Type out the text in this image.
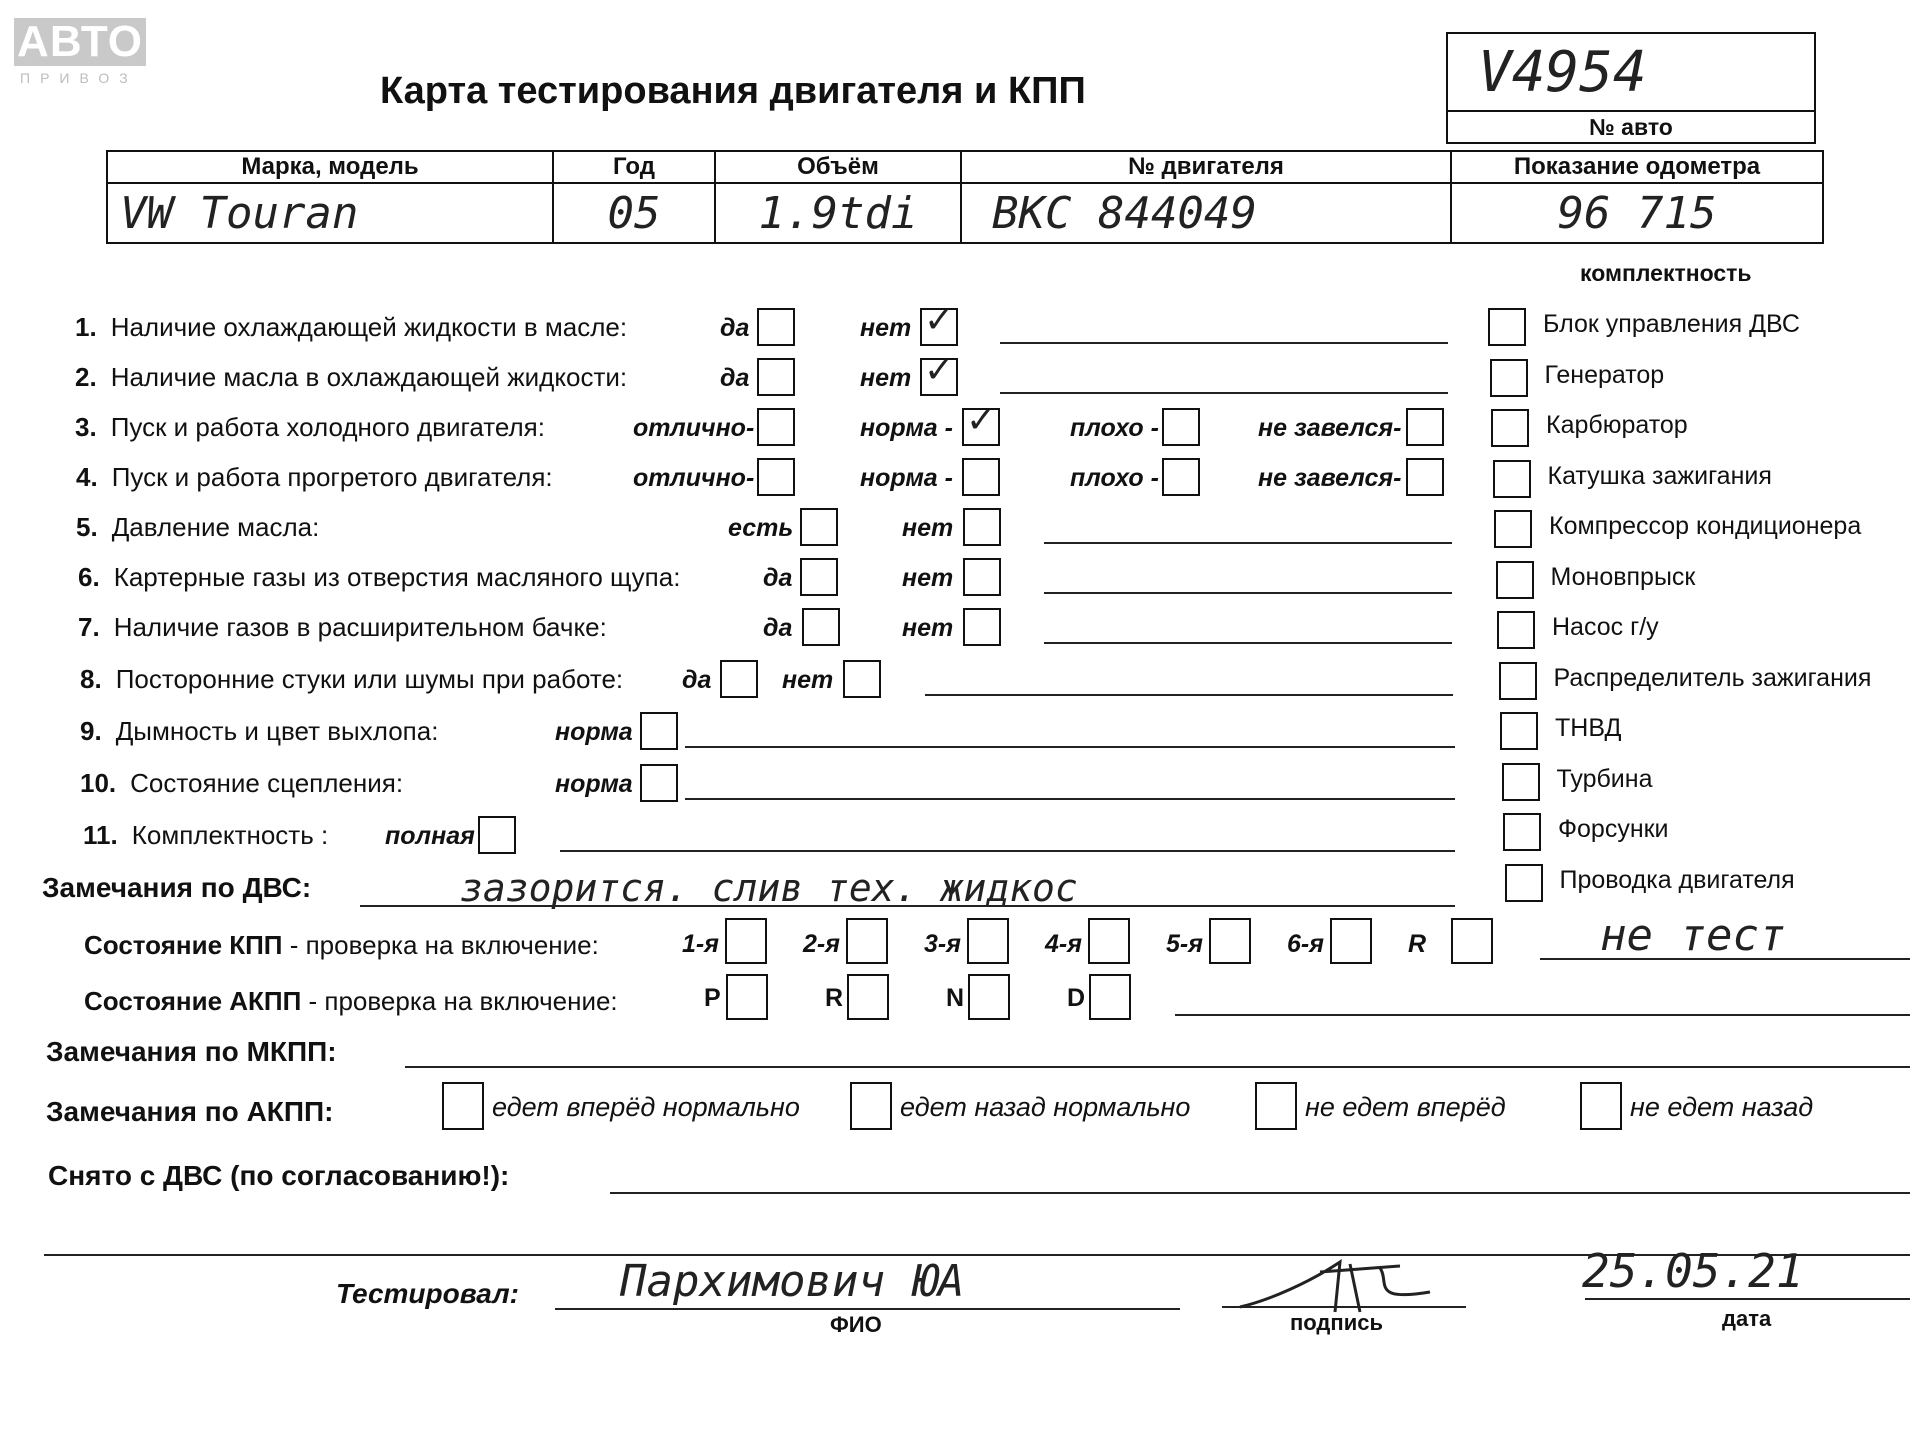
АВТО
ПРИВОЗ	Карта тестирования двигателя и КПП	V4954
№ авто
Марка, модель	Год	Объём	№ двигателя	Показание одометра
VW Touran	05	1.9tdi	BKC 844049	96 715
комплектность
1. Наличие охлаждающей жидкости в масле:	да	нет ✓
2. Наличие масла в охлаждающей жидкости:	да	нет ✓
3. Пуск и работа холодного двигателя:	отлично-	норма - ✓	плохо -	не завелся-
4. Пуск и работа прогретого двигателя:	отлично-	норма -	плохо -	не завелся-
5. Давление масла:	есть	нет
6. Картерные газы из отверстия масляного щупа:	да	нет
7. Наличие газов в расширительном бачке:	да	нет
8. Посторонние стуки или шумы при работе: да	нет
9. Дымность и цвет выхлопа:	норма
10. Состояние сцепления:	норма
11. Комплектность : полная
Блок управления ДВС
Генератор
Карбюратор
Катушка зажигания
Компрессор кондиционера
Моновпрыск
Насос г/у
Распределитель зажигания
ТНВД
Турбина
Форсунки
Проводка двигателя
Замечания по ДВС:	зазорится. слив тех. жидкос
Состояние КПП - проверка на включение:	1-я	2-я	3-я	4-я	5-я	6-я	R	не тест
Состояние АКПП - проверка на включение:	P	R	N	D
Замечания по МКПП:
Замечания по АКПП:	едет вперёд нормально	едет назад нормально	не едет вперёд	не едет назад
Снято с ДВС (по согласованию!):
Тестировал: Пархимович ЮА
ФИО	подпись
25.05.21
дата
